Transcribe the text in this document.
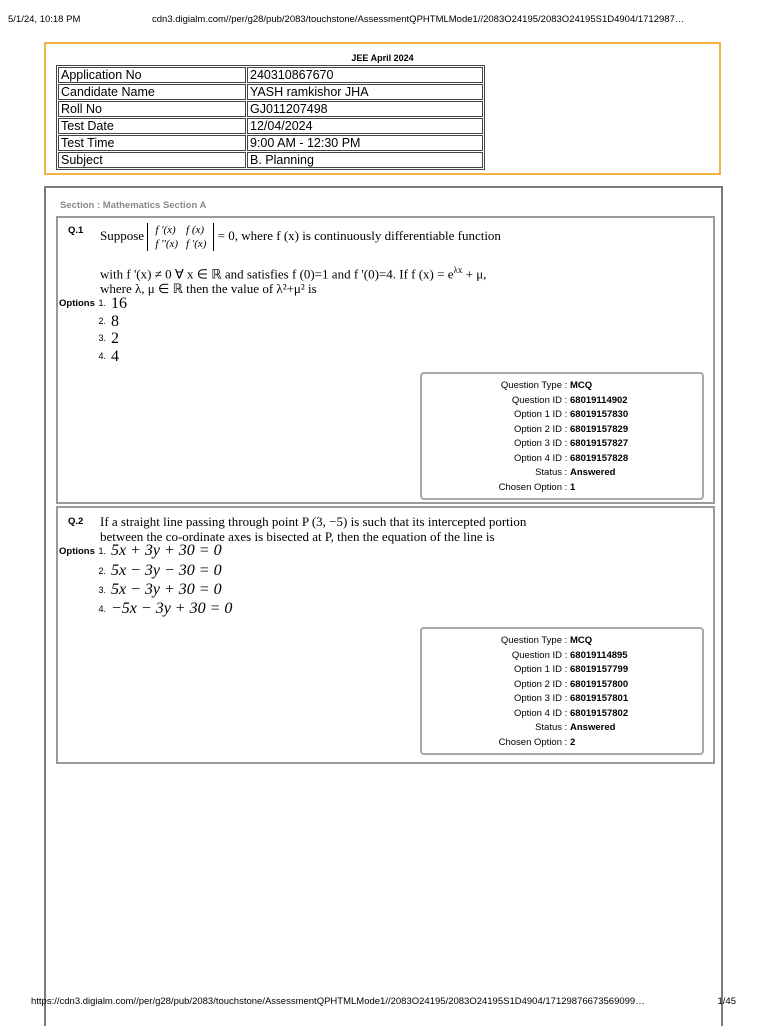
5/1/24, 10:18 PM	cdn3.digialm.com//per/g28/pub/2083/touchstone/AssessmentQPHTMLMode1//2083O24195/2083O24195S1D4904/1712987…
JEE April 2024
Application No	240310867670
Candidate Name	YASH ramkishor JHA
Roll No	GJ011207498
Test Date	12/04/2024
Test Time	9:00 AM - 12:30 PM
Subject	B. Planning
Section : Mathematics Section A
Q.1 Suppose f '(x)	f (x)
f ''(x)	f '(x)
= 0, where f (x) is continuously differentiable function
with f '(x) ≠ 0 ∀ x ∈ ℝ and satisfies f (0)=1 and f '(0)=4. If f $(x) = e^{\lambda x} + \mu$,
where λ, μ ∈ ℝ then the value of λ²+μ² is
Options 1. 16
2. 8
3. 2
4. 4
Question Type : MCQ
Question ID : 68019114902
Option 1 ID : 68019157830
Option 2 ID : 68019157829
Option 3 ID : 68019157827
Option 4 ID : 68019157828
Status : Answered
Chosen Option : 1
Q.2 If a straight line passing through point P (3, −5) is such that its intercepted portion
between the co-ordinate axes is bisected at P, then the equation of the line is
Options 1. 5x + 3y + 30 = 0
2. 5x − 3y − 30 = 0
3. 5x − 3y + 30 = 0
4. −5x − 3y + 30 = 0
Question Type : MCQ
Question ID : 68019114895
Option 1 ID : 68019157799
Option 2 ID : 68019157800
Option 3 ID : 68019157801
Option 4 ID : 68019157802
Status : Answered
Chosen Option : 2
https://cdn3.digialm.com//per/g28/pub/2083/touchstone/AssessmentQPHTMLMode1//2083O24195/2083O24195S1D4904/17129876673569099…	1/45
